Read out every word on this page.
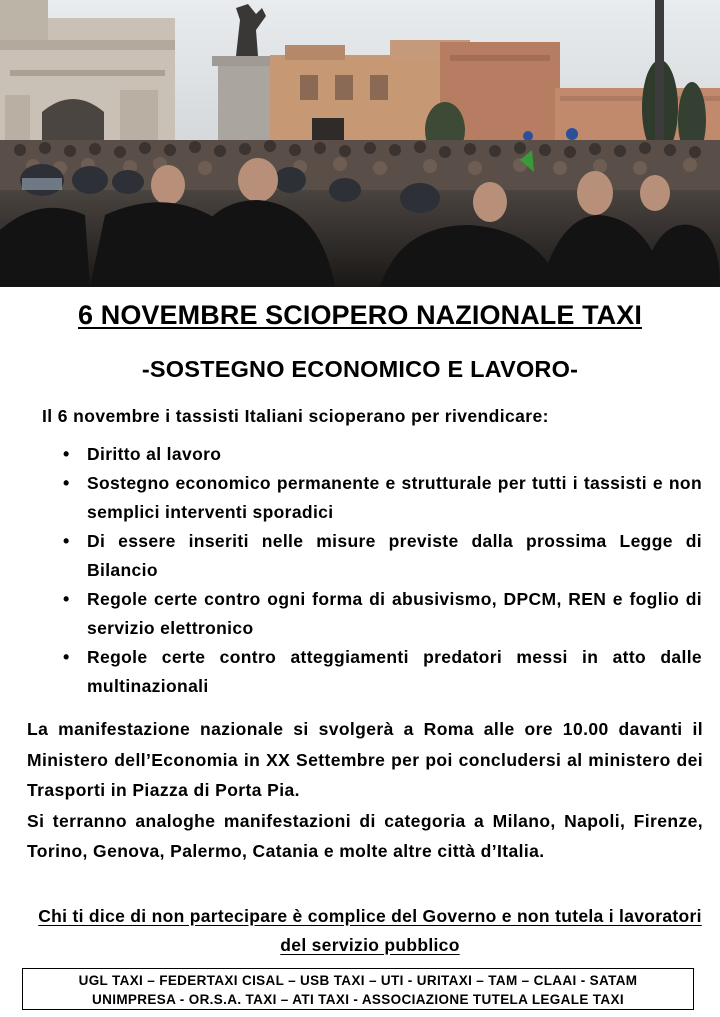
6 NOVEMBRE SCIOPERO NAZIONALE TAXI
-SOSTEGNO ECONOMICO E LAVORO-
Il 6 novembre i tassisti Italiani scioperano per rivendicare:
• Diritto al lavoro
• Sostegno economico permanente e strutturale per tutti i tassisti e non semplici interventi sporadici
• Di essere inseriti nelle misure previste dalla prossima Legge di Bilancio
• Regole certe contro ogni forma di abusivismo, DPCM, REN e foglio di servizio elettronico
• Regole certe contro atteggiamenti predatori messi in atto dalle multinazionali

La manifestazione nazionale si svolgerà a Roma alle ore 10.00 davanti il Ministero dell’Economia in XX Settembre per poi concludersi al ministero dei Trasporti in Piazza di Porta Pia.

Si terranno analoghe manifestazioni di categoria a Milano, Napoli, Firenze, Torino, Genova, Palermo, Catania e molte altre città d’Italia.

Chi ti dice di non partecipare è complice del Governo e non tutela i lavoratori del servizio pubblico
UGL TAXI – FEDERTAXI CISAL – USB TAXI – UTI - URITAXI – TAM – CLAAI - SATAM
UNIMPRESA - OR.S.A. TAXI – ATI TAXI - ASSOCIAZIONE TUTELA LEGALE TAXI
